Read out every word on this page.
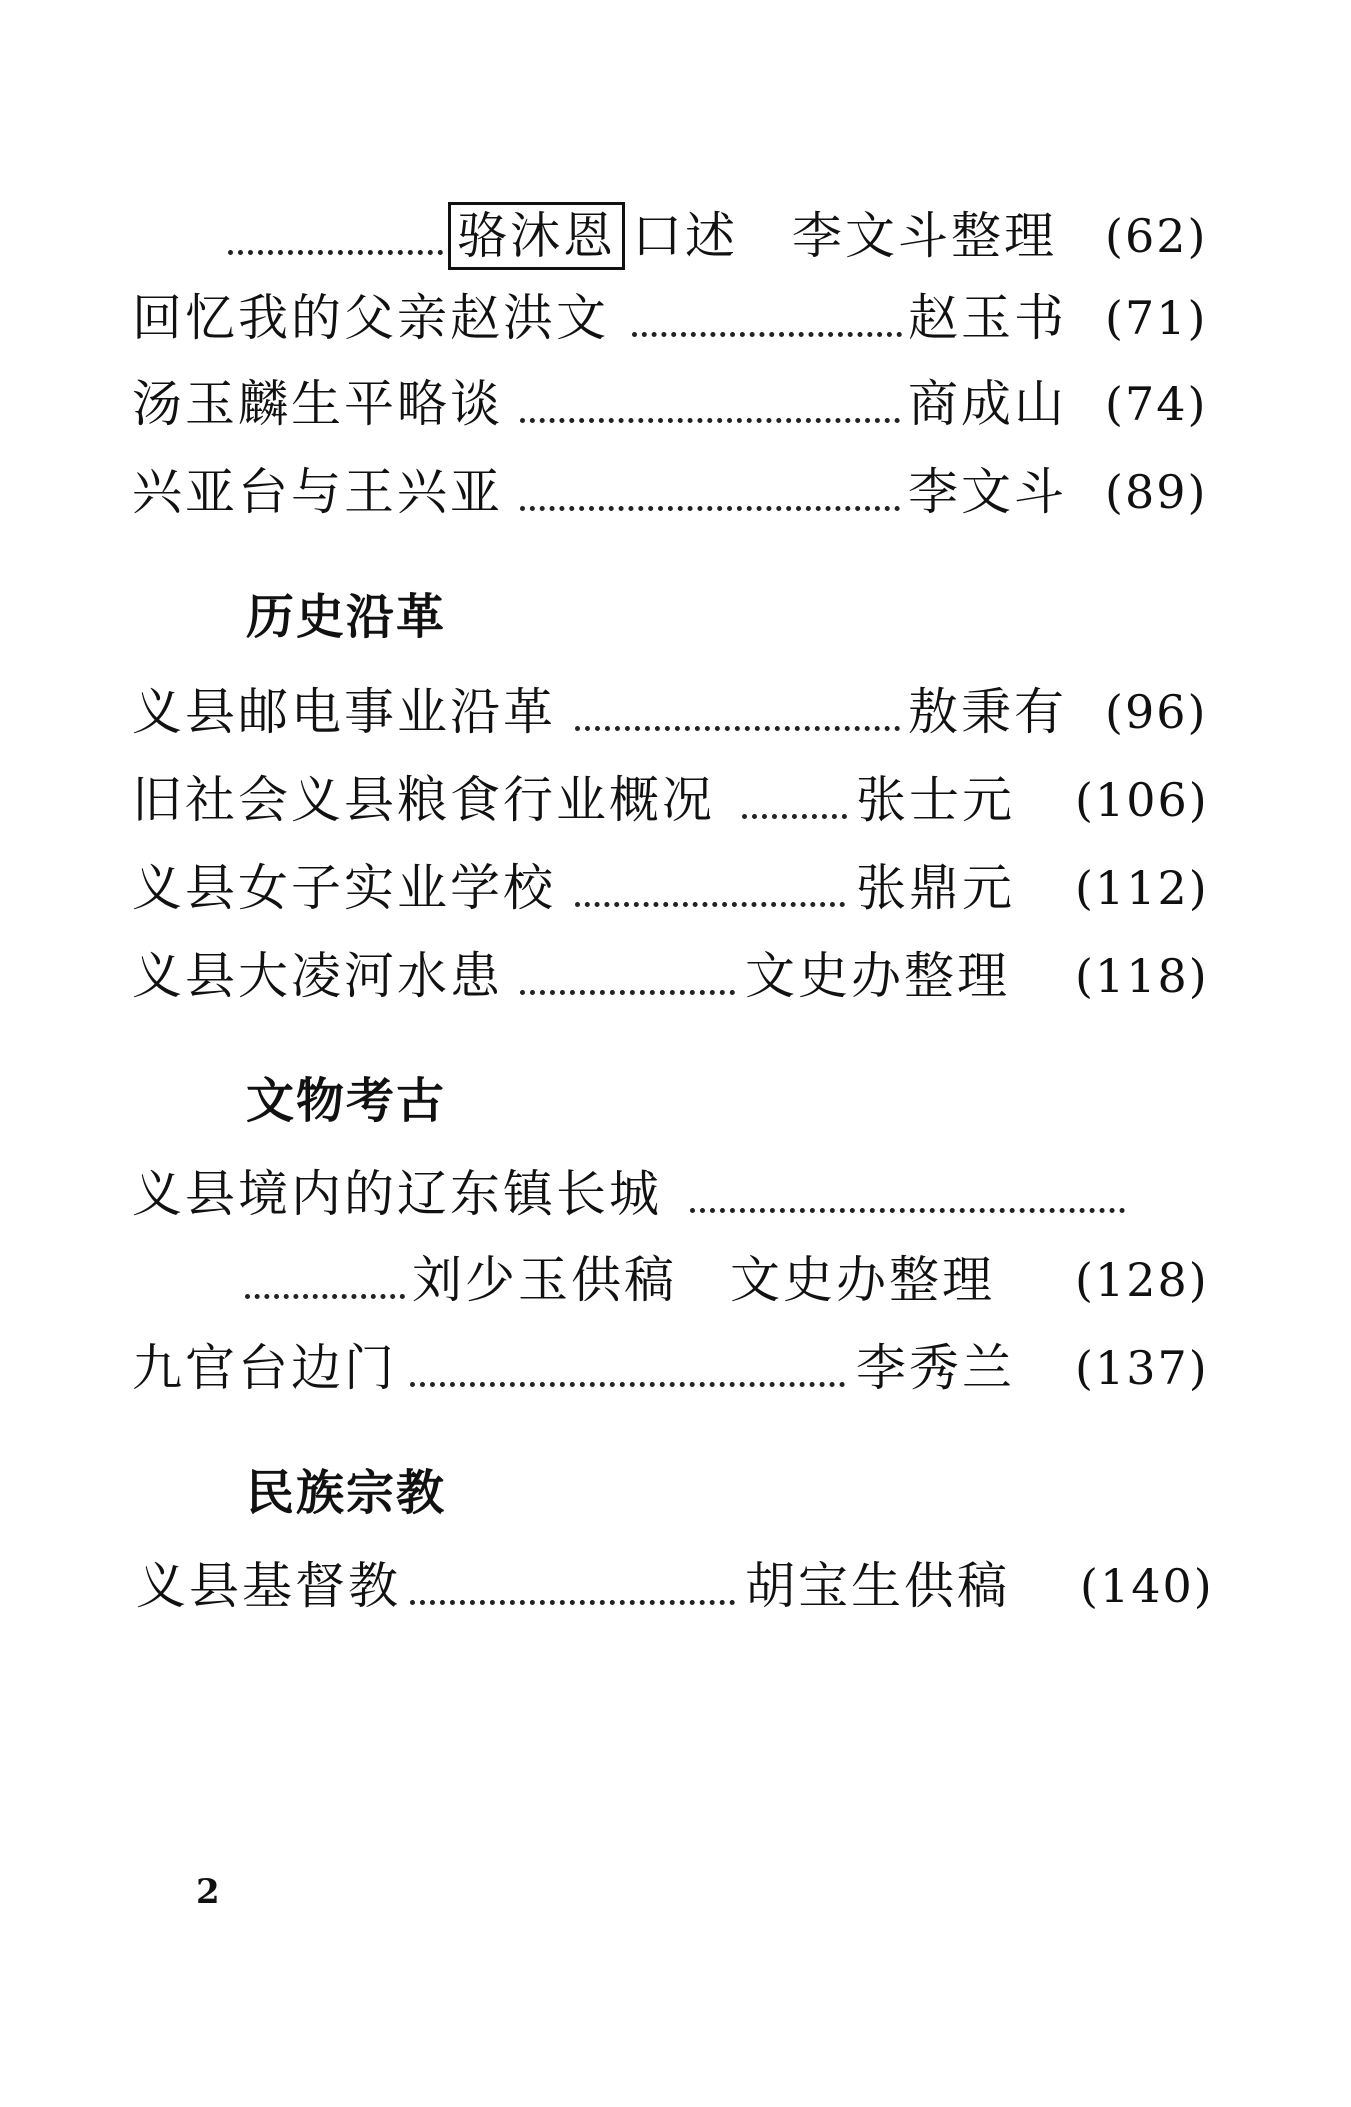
骆沐恩 口述 李文斗整理 (62)
回忆我的父亲赵洪文	赵玉书 (71)
汤玉麟生平略谈	商成山 (74)
兴亚台与王兴亚	李文斗 (89)
历史沿革
义县邮电事业沿革	敖秉有 (96)
旧社会义县粮食行业概况	张士元 (106)
义县女子实业学校	张鼎元 (112)
义县大凌河水患	文史办整理 (118)
文物考古
义县境内的辽东镇长城
刘少玉供稿　文史办整理 (128)
九官台边门	李秀兰 (137)
民族宗教
义县基督教	胡宝生供稿 (140)
2
